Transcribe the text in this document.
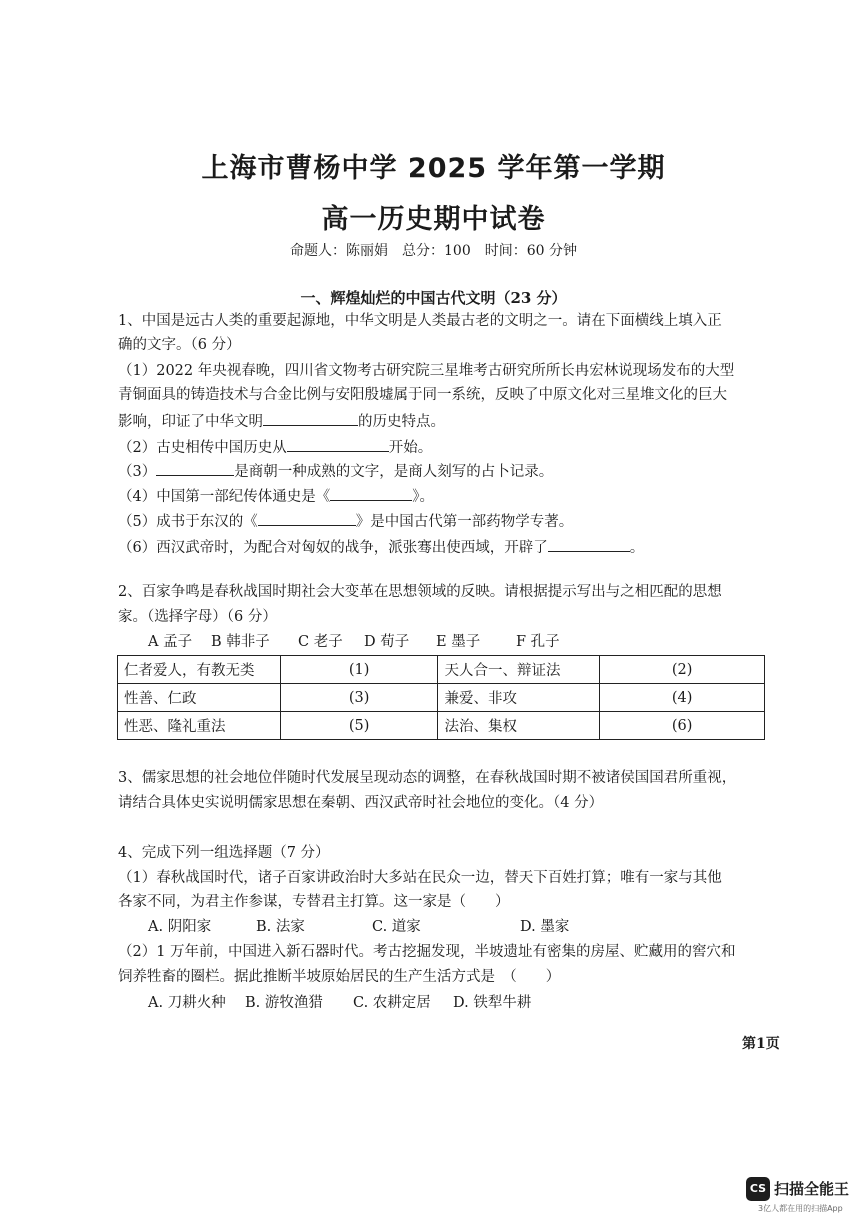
上海市曹杨中学 2025 学年第一学期
高一历史期中试卷
命题人：陈丽娟　总分：100　时间：60 分钟
一、辉煌灿烂的中国古代文明（23 分）
1、中国是远古人类的重要起源地，中华文明是人类最古老的文明之一。请在下面横线上填入正
确的文字。（6 分）
（1）2022 年央视春晚，四川省文物考古研究院三星堆考古研究所所长冉宏林说现场发布的大型
青铜面具的铸造技术与合金比例与安阳殷墟属于同一系统，反映了中原文化对三星堆文化的巨大
影响，印证了中华文明	的历史特点。
（2）古史相传中国历史从	开始。
（3）	是商朝一种成熟的文字，是商人刻写的占卜记录。
（4）中国第一部纪传体通史是《	》。
（5）成书于东汉的《	》是中国古代第一部药物学专著。
（6）西汉武帝时，为配合对匈奴的战争，派张骞出使西域，开辟了	。
2、百家争鸣是春秋战国时期社会大变革在思想领域的反映。请根据提示写出与之相匹配的思想
家。（选择字母）（6 分）
A 孟子 B 韩非子 C 老子 D 荀子 E 墨子 F 孔子
仁者爱人，有教无类	(1)	天人合一、辩证法	(2)
性善、仁政	(3)	兼爱、非攻	(4)
性恶、隆礼重法	(5)	法治、集权	(6)
3、儒家思想的社会地位伴随时代发展呈现动态的调整，在春秋战国时期不被诸侯国国君所重视，
请结合具体史实说明儒家思想在秦朝、西汉武帝时社会地位的变化。（4 分）
4、完成下列一组选择题（7 分）
（1）春秋战国时代，诸子百家讲政治时大多站在民众一边，替天下百姓打算；唯有一家与其他
各家不同，为君主作参谋，专替君主打算。这一家是（　　）
A. 阴阳家	B. 法家	C. 道家	D. 墨家
（2）1 万年前，中国进入新石器时代。考古挖掘发现，半坡遗址有密集的房屋、贮藏用的窖穴和
饲养牲畜的圈栏。据此推断半坡原始居民的生产生活方式是　（　　）
A. 刀耕火种 B. 游牧渔猎 C. 农耕定居 D. 铁犁牛耕
第1页
CS 扫描全能王
3亿人都在用的扫描App
